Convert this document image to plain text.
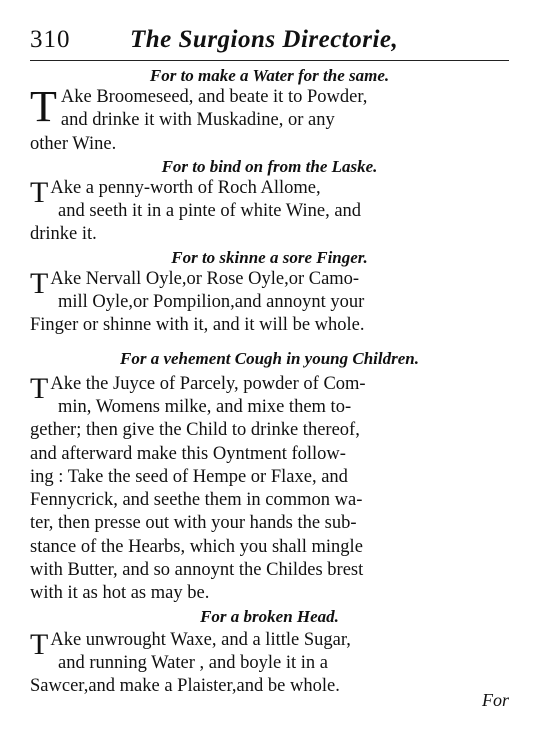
310	The Surgions Directorie,

For to make a Water for the same.

T Ake Broomeseed, and beate it to Powder,
and drinke it with Muskadine, or any
other Wine.

For to bind on from the Laske.

T Ake a penny-worth of Roch Allome,
and seeth it in a pinte of white Wine, and
drinke it.

For to skinne a sore Finger.

T Ake Nervall Oyle,or Rose Oyle,or Camo-
mill Oyle,or Pompilion,and annoynt your
Finger or shinne with it, and it will be whole.

For a vehement Cough in young Children.

T Ake the Juyce of Parcely, powder of Com-
min, Womens milke, and mixe them to-
gether; then give the Child to drinke thereof,
and afterward make this Oyntment follow-
ing : Take the seed of Hempe or Flaxe, and
Fennycrick, and seethe them in common wa-
ter, then presse out with your hands the sub-
stance of the Hearbs, which you shall mingle
with Butter, and so annoynt the Childes brest
with it as hot as may be.

For a broken Head.

T Ake unwrought Waxe, and a little Sugar,
and running Water , and boyle it in a
Sawcer,and make a Plaister,and be whole.
For
